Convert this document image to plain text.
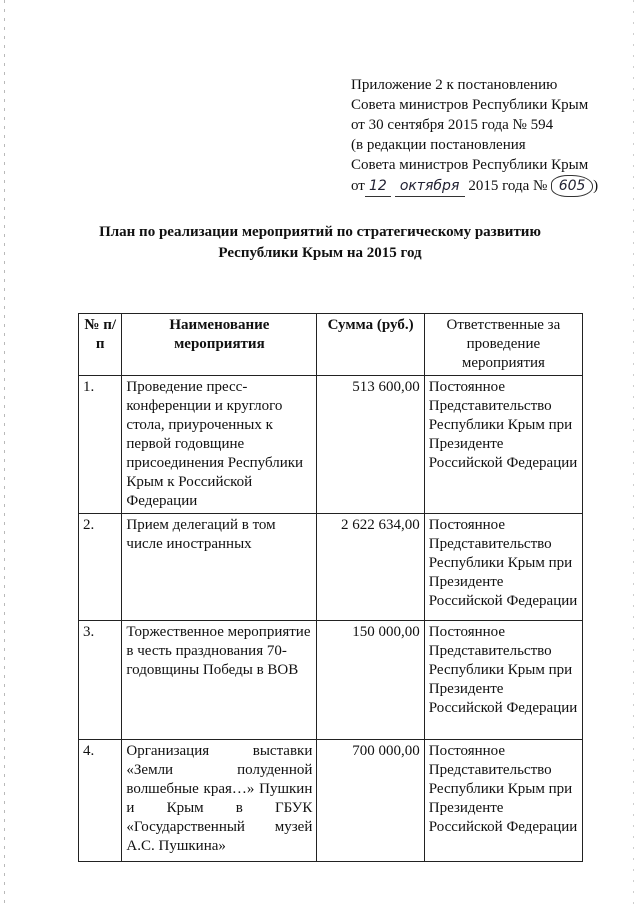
Приложение 2 к постановлению
Совета министров Республики Крым
от 30 сентября 2015 года № 594
(в редакции постановления
Совета министров Республики Крым
от 12 октября 2015 года № 605 )
План по реализации мероприятий по стратегическому развитию
Республики Крым на 2015 год
№ п/п	Наименование мероприятия	Сумма (руб.)	Ответственные за проведение мероприятия
1.	Проведение пресс-конференции и круглого стола, приуроченных к первой годовщине присоединения Республики Крым к Российской Федерации	513 600,00	Постоянное Представительство Республики Крым при Президенте Российской Федерации
2.	Прием делегаций в том числе иностранных	2 622 634,00	Постоянное Представительство Республики Крым при Президенте Российской Федерации
3.	Торжественное мероприятие в честь празднования 70-годовщины Победы в ВОВ	150 000,00	Постоянное Представительство Республики Крым при Президенте Российской Федерации
4.	Организация выставки «Земли полуденной волшебные края…» Пушкин и Крым в ГБУК «Государственный музей А.С. Пушкина»	700 000,00	Постоянное Представительство Республики Крым при Президенте Российской Федерации
